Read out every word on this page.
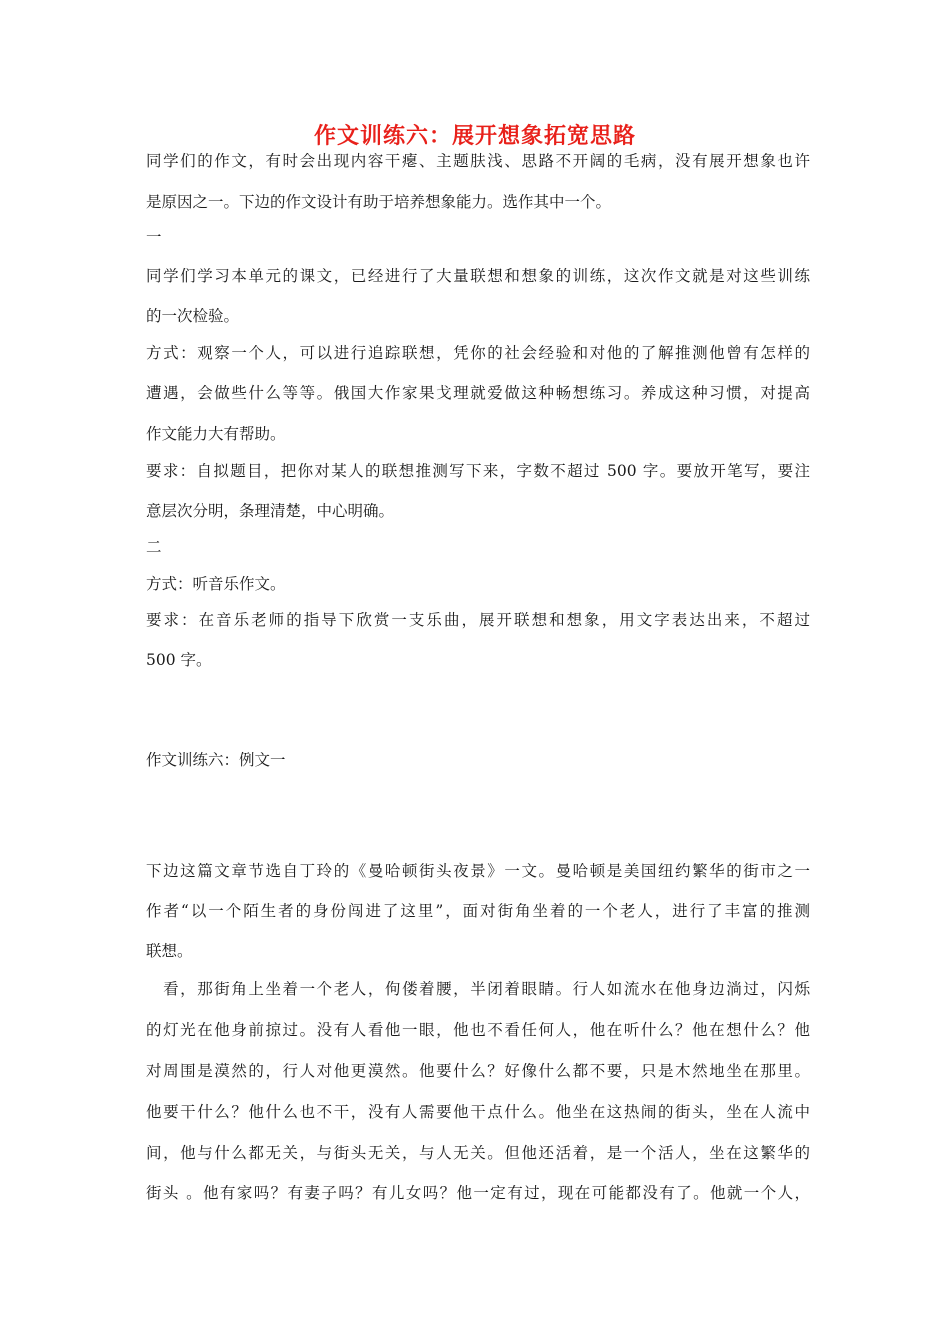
作文训练六：展开想象拓宽思路
同学们的作文，有时会出现内容干瘪、主题肤浅、思路不开阔的毛病，没有展开想象也许
是原因之一。下边的作文设计有助于培养想象能力。选作其中一个。
一
同学们学习本单元的课文，已经进行了大量联想和想象的训练，这次作文就是对这些训练
的一次检验。
方式：观察一个人，可以进行追踪联想，凭你的社会经验和对他的了解推测他曾有怎样的
遭遇，会做些什么等等。俄国大作家果戈理就爱做这种畅想练习。养成这种习惯，对提高
作文能力大有帮助。
要求：自拟题目，把你对某人的联想推测写下来，字数不超过 500 字。要放开笔写，要注
意层次分明，条理清楚，中心明确。
二
方式：听音乐作文。
要求：在音乐老师的指导下欣赏一支乐曲，展开联想和想象，用文字表达出来，不超过
500 字。
作文训练六：例文一
下边这篇文章节选自丁玲的《曼哈顿街头夜景》一文。曼哈顿是美国纽约繁华的街市之一
作者“以一个陌生者的身份闯进了这里”，面对街角坐着的一个老人，进行了丰富的推测
联想。
　看，那街角上坐着一个老人，佝偻着腰，半闭着眼睛。行人如流水在他身边淌过，闪烁
的灯光在他身前掠过。没有人看他一眼，他也不看任何人，他在听什么？他在想什么？他
对周围是漠然的，行人对他更漠然。他要什么？好像什么都不要，只是木然地坐在那里。
他要干什么？他什么也不干，没有人需要他干点什么。他坐在这热闹的街头，坐在人流中
间，他与什么都无关，与街头无关，与人无关。但他还活着，是一个活人，坐在这繁华的
街头 。他有家吗？有妻子吗？有儿女吗？他一定有过，现在可能都没有了。他就一个人，
